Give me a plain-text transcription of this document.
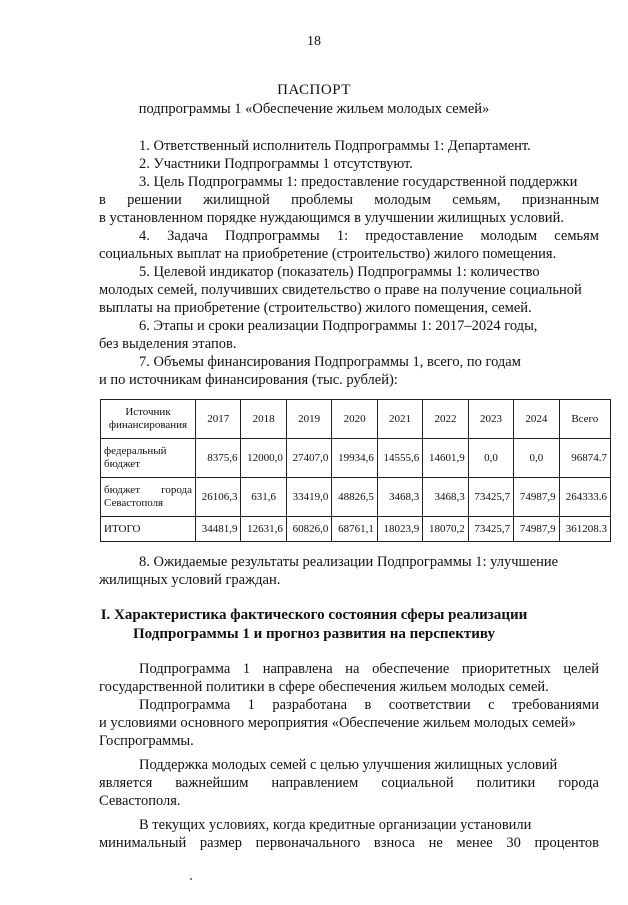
18
ПАСПОРТ
подпрограммы 1 «Обеспечение жильем молодых семей»

1. Ответственный исполнитель Подпрограммы 1: Департамент.

2. Участники Подпрограммы 1 отсутствуют.

3. Цель Подпрограммы 1: предоставление государственной поддержки

в решении жилищной проблемы молодым семьям, признанным

в установленном порядке нуждающимся в улучшении жилищных условий.

4. Задача Подпрограммы 1: предоставление молодым семьям

социальных выплат на приобретение (строительство) жилого помещения.

5. Целевой индикатор (показатель) Подпрограммы 1: количество

молодых семей, получивших свидетельство о праве на получение социальной

выплаты на приобретение (строительство) жилого помещения, семей.

6. Этапы и сроки реализации Подпрограммы 1: 2017–2024 годы,

без выделения этапов.

7. Объемы финансирования Подпрограммы 1, всего, по годам

и по источникам финансирования (тыс. рублей):

Источник финансирования	2017	2018	2019	2020	2021	2022	2023	2024	Всего
федеральный бюджет	8375,6	12000,0	27407,0	19934,6	14555,6	14601,9	0,0	0,0	96874.7
бюджет города Севастополя	26106,3	631,6	33419,0	48826,5	3468,3	3468,3	73425,7	74987,9	264333.6
ИТОГО	34481,9	12631,6	60826,0	68761,1	18023,9	18070,2	73425,7	74987,9	361208.3

8. Ожидаемые результаты реализации Подпрограммы 1: улучшение

жилищных условий граждан.

I. Характеристика фактического состояния сферы реализации
Подпрограммы 1 и прогноз развития на перспективу

Подпрограмма 1 направлена на обеспечение приоритетных целей

государственной политики в сфере обеспечения жильем молодых семей.

Подпрограмма 1 разработана в соответствии с требованиями

и условиями основного мероприятия «Обеспечение жильем молодых семей»

Госпрограммы.

Поддержка молодых семей с целью улучшения жилищных условий

является важнейшим направлением социальной политики города

Севастополя.

В текущих условиях, когда кредитные организации установили

минимальный размер первоначального взноса не менее 30 процентов
